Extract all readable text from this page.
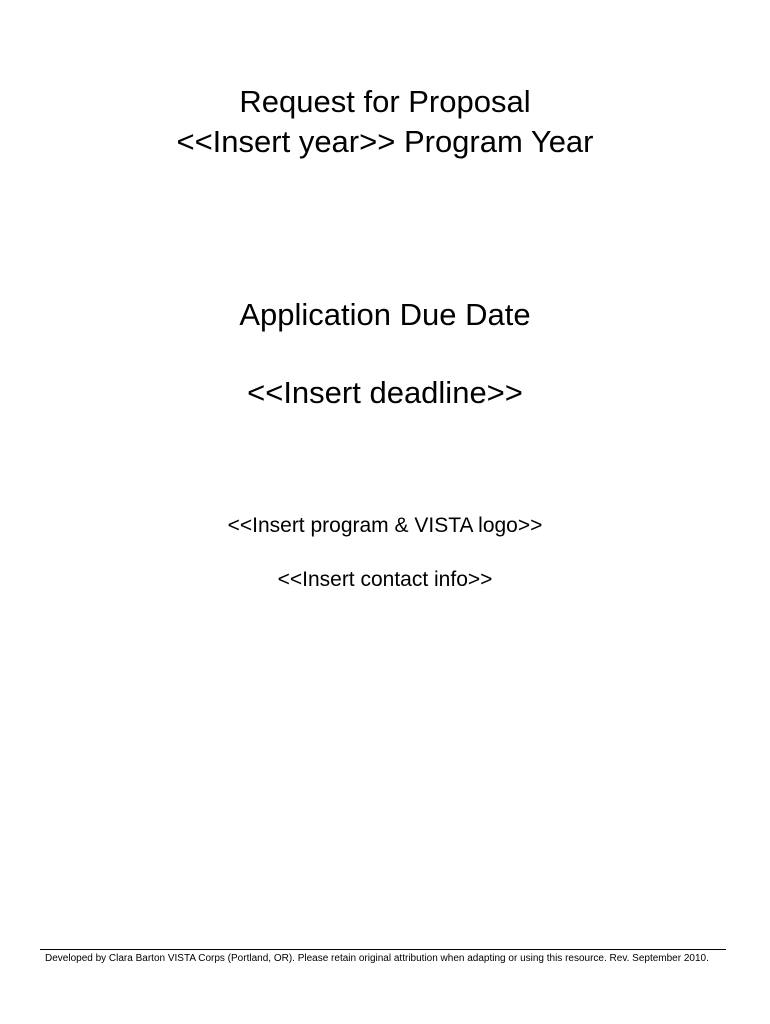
Request for Proposal
<<Insert year>> Program Year
Application Due Date
<<Insert deadline>>
<<Insert program & VISTA logo>>
<<Insert contact info>>
Developed by Clara Barton VISTA Corps (Portland, OR). Please retain original attribution when adapting or using this resource. Rev. September 2010.
